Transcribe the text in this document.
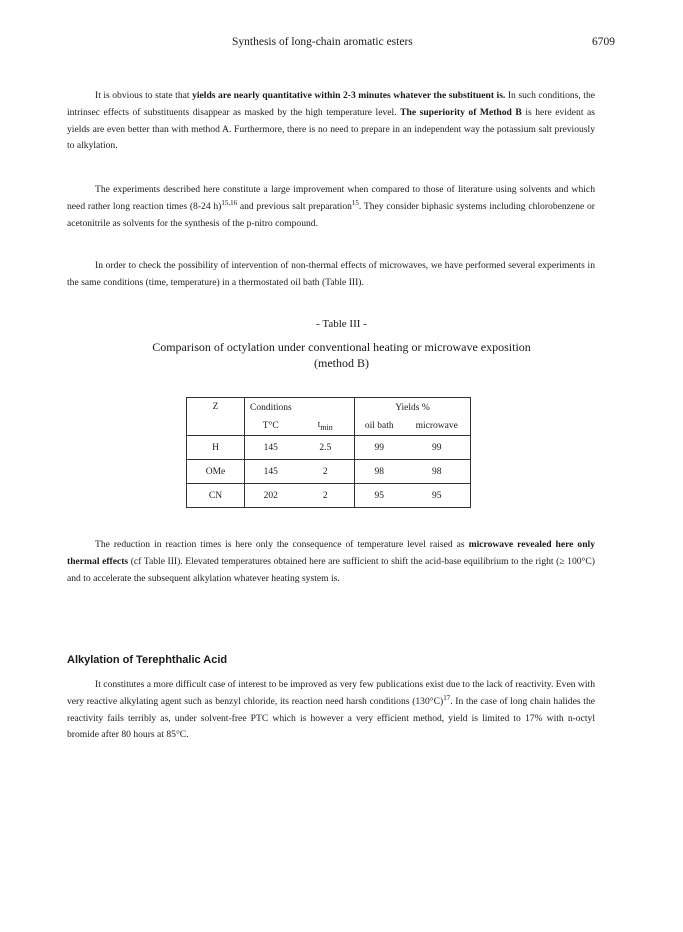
Synthesis of long-chain aromatic esters	6709

It is obvious to state that yields are nearly quantitative within 2-3 minutes whatever the substituent is. In such conditions, the intrinsec effects of substituents disappear as masked by the high temperature level. The superiority of Method B is here evident as yields are even better than with method A. Furthermore, there is no need to prepare in an independent way the potassium salt previously to alkylation.

The experiments described here constitute a large improvement when compared to those of literature using solvents and which need rather long reaction times (8-24 h)$^{15,16}$ and previous salt preparation$^{15}$. They consider biphasic systems including chlorobenzene or acetonitrile as solvents for the synthesis of the p-nitro compound.

In order to check the possibility of intervention of non-thermal effects of microwaves, we have performed several experiments in the same conditions (time, temperature) in a thermostated oil bath (Table III).

- Table III -
Comparison of octylation under conventional heating or microwave exposition
(method B)
Z	Conditions		Yields %	
	T°C	$t_{min}$	oil bath	microwave
H	145	2.5	99	99
OMe	145	2	98	98
CN	202	2	95	95

The reduction in reaction times is here only the consequence of temperature level raised as microwave revealed here only thermal effects (cf Table III). Elevated temperatures obtained here are sufficient to shift the acid-base equilibrium to the right (≥ 100°C) and to accelerate the subsequent alkylation whatever heating system is.

Alkylation of Terephthalic Acid

It constitutes a more difficult case of interest to be improved as very few publications exist due to the lack of reactivity. Even with very reactive alkylating agent such as benzyl chloride, its reaction need harsh conditions $(130^\circ C)^{17}$. In the case of long chain halides the reactivity fails terribly as, under solvent-free PTC which is however a very efficient method, yield is limited to 17% with n-octyl bromide after 80 hours at 85°C.
